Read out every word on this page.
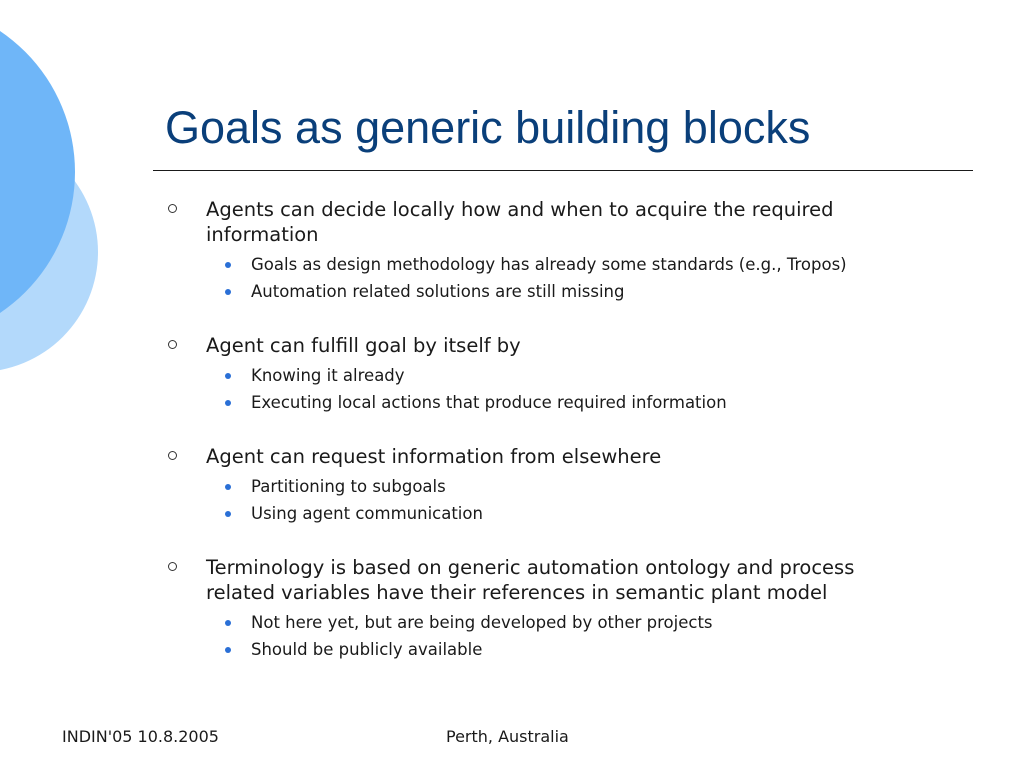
Goals as generic building blocks
Agents can decide locally how and when to acquire the required information
Goals as design methodology has already some standards (e.g., Tropos)
Automation related solutions are still missing
Agent can fulfill goal by itself by
Knowing it already
Executing local actions that produce required information
Agent can request information from elsewhere
Partitioning to subgoals
Using agent communication
Terminology is based on generic automation ontology and process related variables have their references in semantic plant model
Not here yet, but are being developed by other projects
Should be publicly available
INDIN'05 10.8.2005	Perth, Australia
